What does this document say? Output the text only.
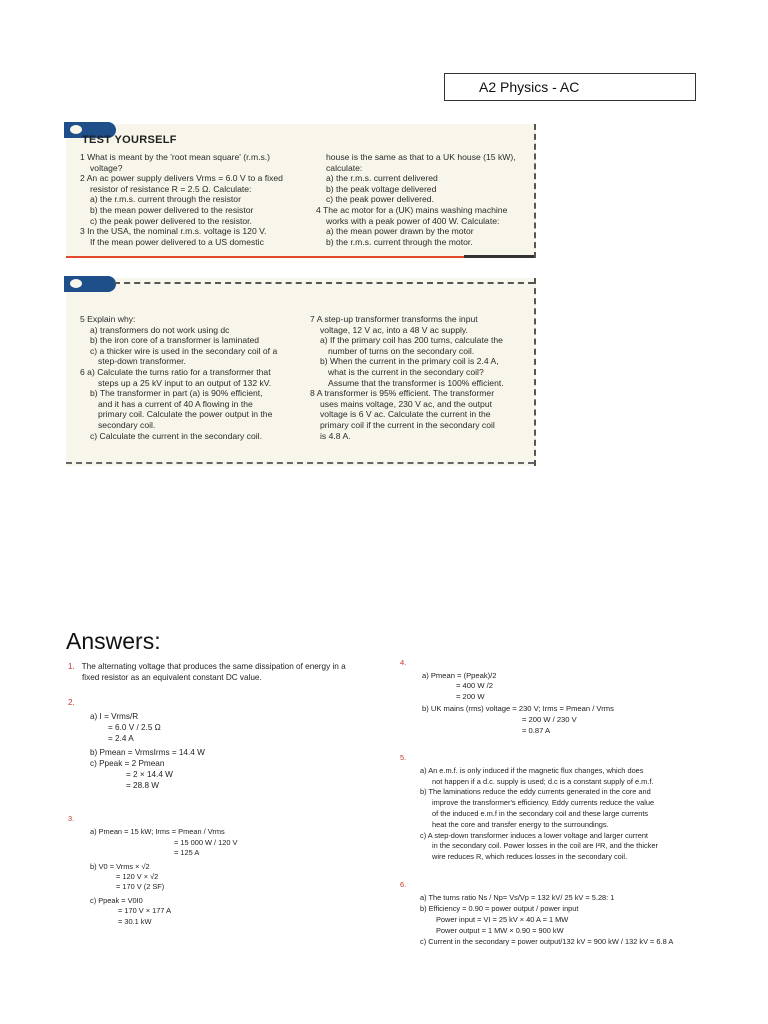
A2 Physics - AC
TEST YOURSELF

1 What is meant by the 'root mean square' (r.m.s.)

voltage?

2 An ac power supply delivers Vrms = 6.0 V to a fixed

resistor of resistance R = 2.5 Ω. Calculate:

a) the r.m.s. current through the resistor

b) the mean power delivered to the resistor

c) the peak power delivered to the resistor.

3 In the USA, the nominal r.m.s. voltage is 120 V.

If the mean power delivered to a US domestic

house is the same as that to a UK house (15 kW),

calculate:

a) the r.m.s. current delivered

b) the peak voltage delivered

c) the peak power delivered.

4 The ac motor for a (UK) mains washing machine

works with a peak power of 400 W. Calculate:

a) the mean power drawn by the motor

b) the r.m.s. current through the motor.

5 Explain why:

a) transformers do not work using dc

b) the iron core of a transformer is laminated

c) a thicker wire is used in the secondary coil of a

step-down transformer.

6 a) Calculate the turns ratio for a transformer that

steps up a 25 kV input to an output of 132 kV.

b) The transformer in part (a) is 90% efficient,

and it has a current of 40 A flowing in the

primary coil. Calculate the power output in the

secondary coil.

c) Calculate the current in the secondary coil.

7 A step-up transformer transforms the input

voltage, 12 V ac, into a 48 V ac supply.

a) If the primary coil has 200 turns, calculate the

number of turns on the secondary coil.

b) When the current in the primary coil is 2.4 A,

what is the current in the secondary coil?

Assume that the transformer is 100% efficient.

8 A transformer is 95% efficient. The transformer

uses mains voltage, 230 V ac, and the output

voltage is 6 V ac. Calculate the current in the

primary coil if the current in the secondary coil

is 4.8 A.

Answers:

1. The alternating voltage that produces the same dissipation of energy in a

fixed resistor as an equivalent constant DC value.

2.

a) I = Vrms/R

= 6.0 V / 2.5 Ω

= 2.4 A

b) Pmean = VrmsIrms = 14.4 W

c) Ppeak = 2 Pmean

= 2 × 14.4 W

= 28.8 W

3.

a) Pmean = 15 kW; Irms = Pmean / Vrms

= 15 000 W / 120 V

= 125 A

b) V0 = Vrms × √2

= 120 V × √2

= 170 V (2 SF)

c) Ppeak = V0I0

= 170 V × 177 A

= 30.1 kW

4.

a) Pmean = (Ppeak)/2

= 400 W /2

= 200 W

b) UK mains (rms) voltage = 230 V; Irms = Pmean / Vrms

= 200 W / 230 V

= 0.87 A

5.

a) An e.m.f. is only induced if the magnetic flux changes, which does

not happen if a d.c. supply is used; d.c is a constant supply of e.m.f.

b) The laminations reduce the eddy currents generated in the core and

improve the transformer's efficiency. Eddy currents reduce the value

of the induced e.m.f in the secondary coil and these large currents

heat the core and transfer energy to the surroundings.

c) A step-down transformer induces a lower voltage and larger current

in the secondary coil. Power losses in the coil are I²R, and the thicker

wire reduces R, which reduces losses in the secondary coil.

6.

a) The turns ratio Ns / Np= Vs/Vp = 132 kV/ 25 kV = 5.28: 1

b) Efficiency = 0.90 = power output / power input

Power input = VI = 25 kV × 40 A = 1 MW

Power output = 1 MW × 0.90 = 900 kW

c) Current in the secondary = power output/132 kV = 900 kW / 132 kV = 6.8 A
